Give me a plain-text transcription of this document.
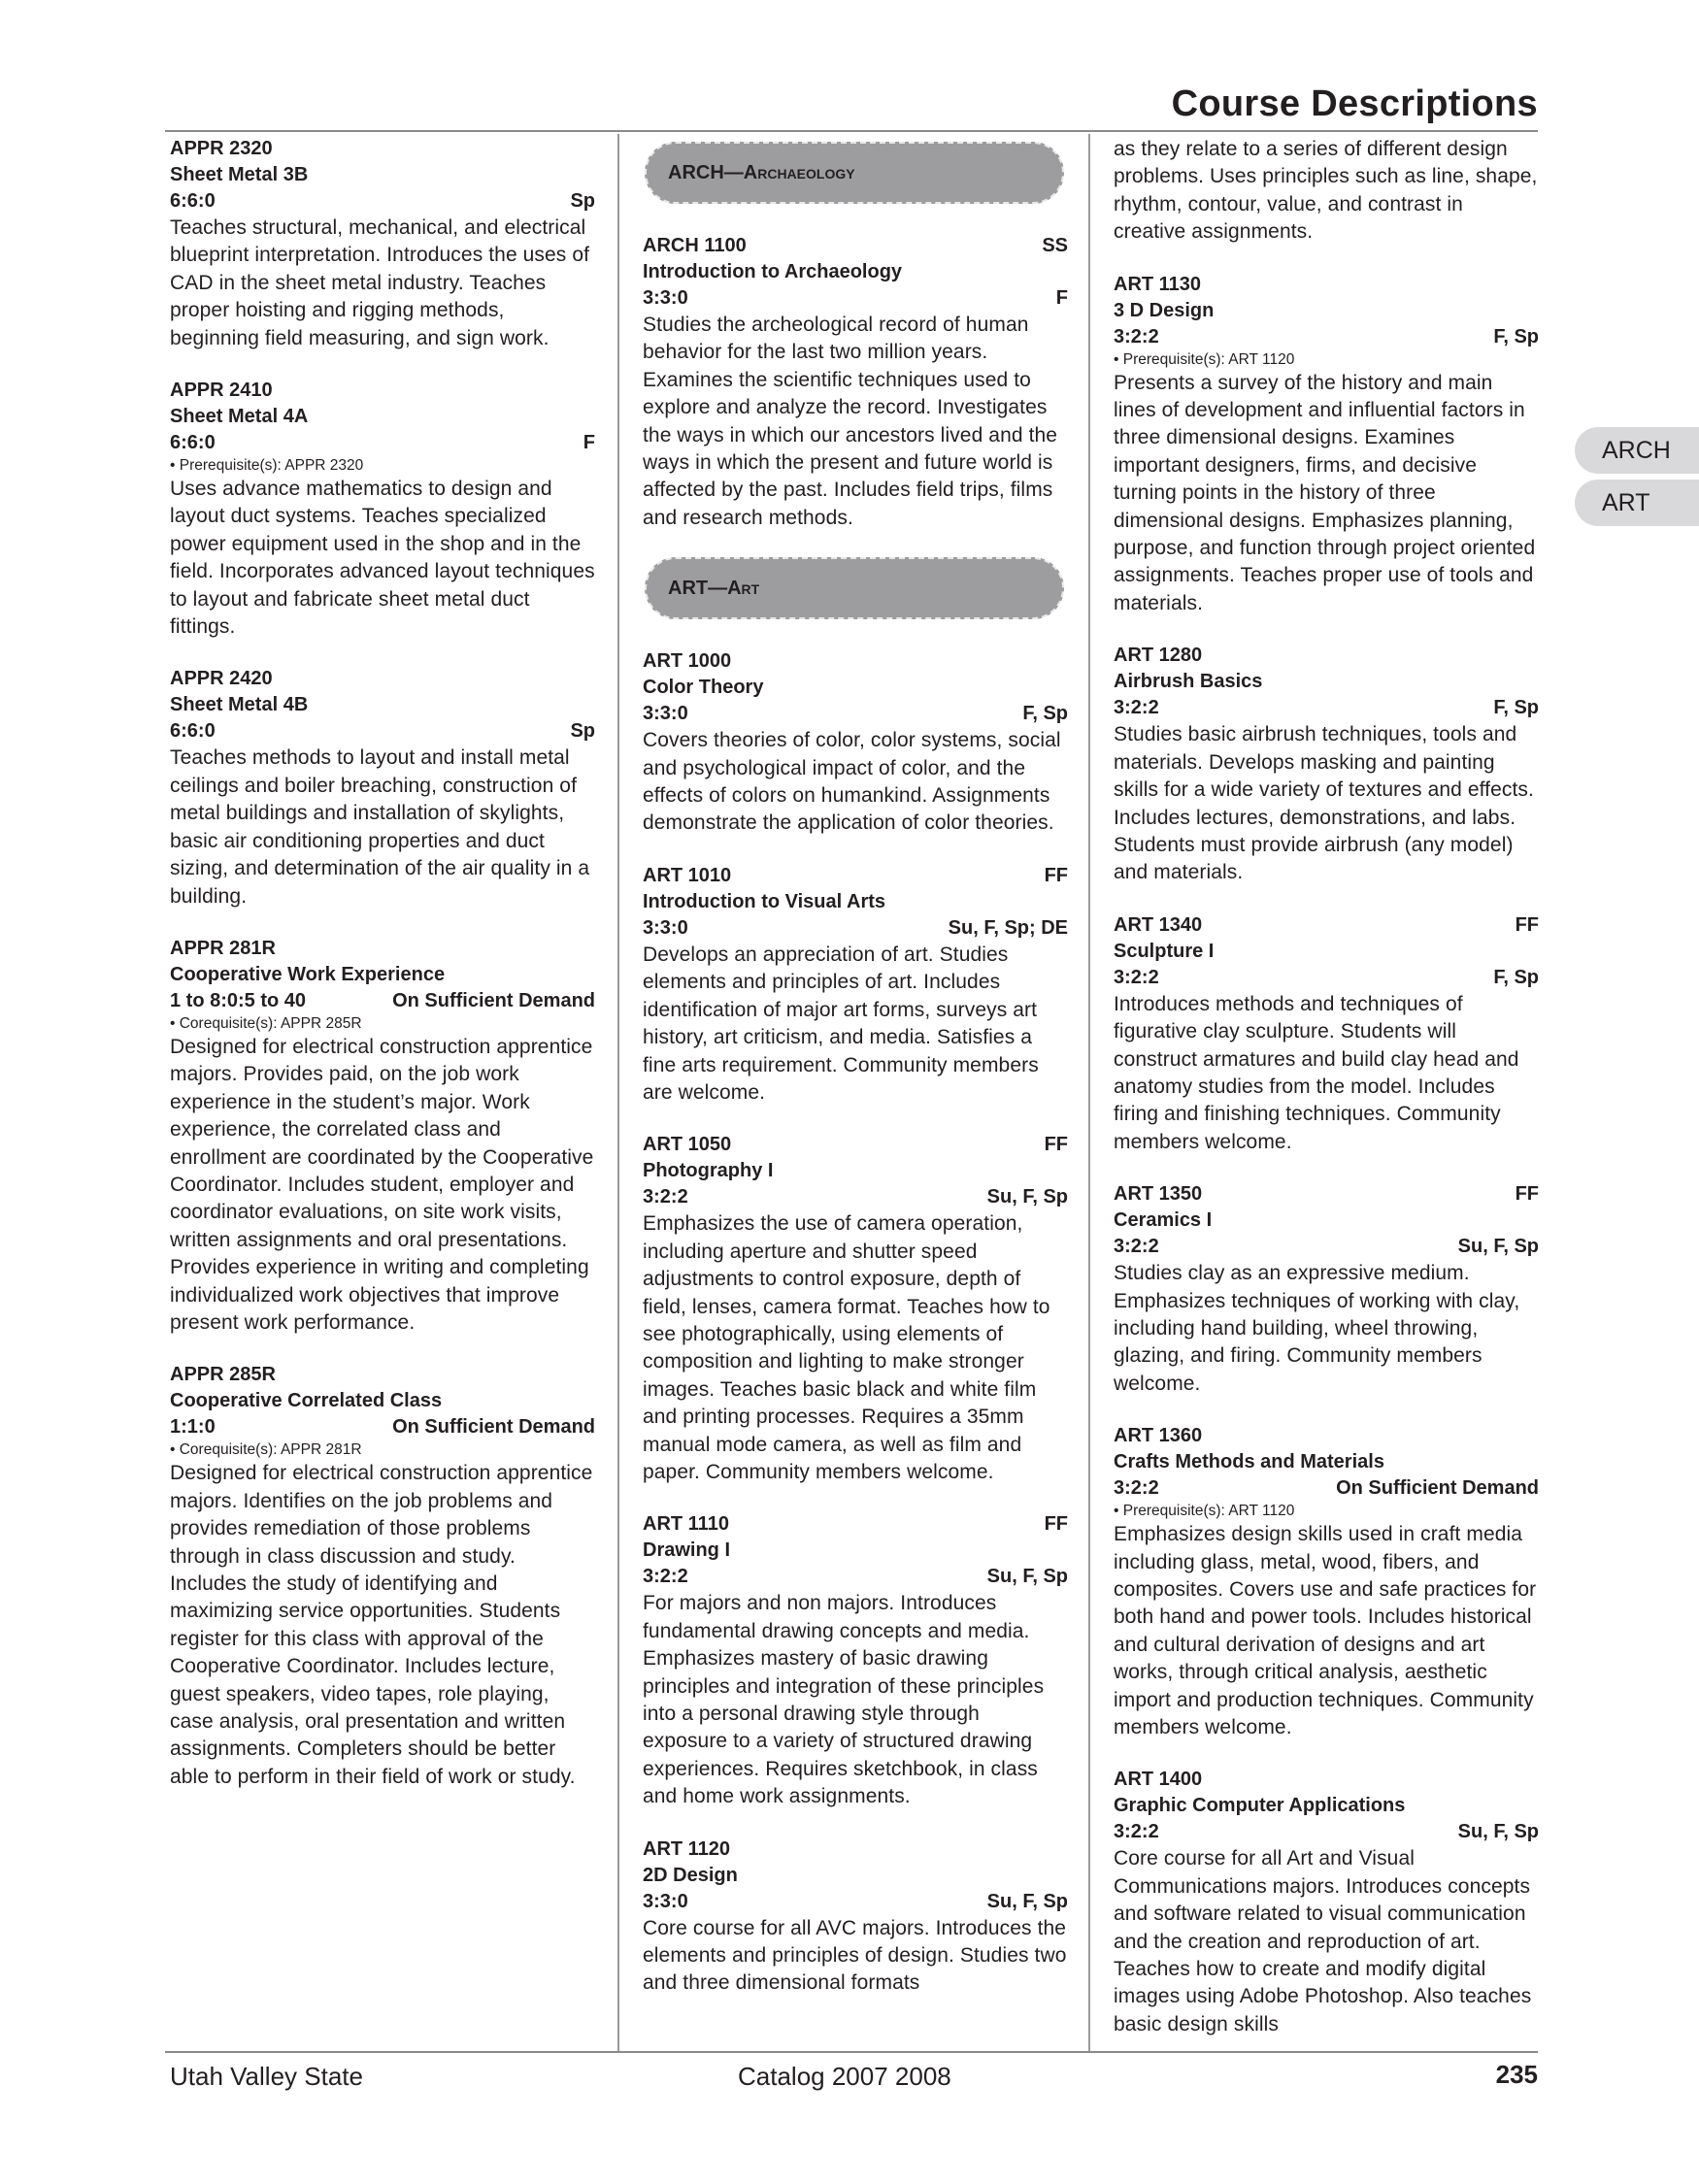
Course Descriptions
ARCH
ART
APPR 2320
Sheet Metal 3B
6:6:0	Sp
Teaches structural, mechanical, and electrical blueprint interpretation. Introduces the uses of CAD in the sheet metal industry. Teaches proper hoisting and rigging methods, beginning field measuring, and sign work.
APPR 2410
Sheet Metal 4A
6:6:0	F
• Prerequisite(s): APPR 2320
Uses advance mathematics to design and layout duct systems. Teaches specialized power equipment used in the shop and in the field. Incorporates advanced layout techniques to layout and fabricate sheet metal duct fittings.
APPR 2420
Sheet Metal 4B
6:6:0	Sp
Teaches methods to layout and install metal ceilings and boiler breaching, construction of metal buildings and installation of skylights, basic air conditioning properties and duct sizing, and determination of the air quality in a building.
APPR 281R
Cooperative Work Experience
1 to 8:0:5 to 40	On Sufficient Demand
• Corequisite(s): APPR 285R
Designed for electrical construction apprentice majors. Provides paid, on the job work experience in the student’s major. Work experience, the correlated class and enrollment are coordinated by the Cooperative Coordinator. Includes student, employer and coordinator evaluations, on site work visits, written assignments and oral presentations. Provides experience in writing and completing individualized work objectives that improve present work performance.
APPR 285R
Cooperative Correlated Class
1:1:0	On Sufficient Demand
• Corequisite(s): APPR 281R
Designed for electrical construction apprentice majors. Identifies on the job problems and provides remediation of those problems through in class discussion and study. Includes the study of identifying and maximizing service opportunities. Students register for this class with approval of the Cooperative Coordinator. Includes lecture, guest speakers, video tapes, role playing, case analysis, oral presentation and written assignments. Completers should be better able to perform in their field of work or study.
ARCH— Archaeology
ARCH 1100	SS
Introduction to Archaeology
3:3:0	F
Studies the archeological record of human behavior for the last two million years. Examines the scientific techniques used to explore and analyze the record. Investigates the ways in which our ancestors lived and the ways in which the present and future world is affected by the past. Includes field trips, films and research methods.
ART— Art
ART 1000
Color Theory
3:3:0	F, Sp
Covers theories of color, color systems, social and psychological impact of color, and the effects of colors on humankind. Assignments demonstrate the application of color theories.
ART 1010	FF
Introduction to Visual Arts
3:3:0	Su, F, Sp; DE
Develops an appreciation of art. Studies elements and principles of art. Includes identification of major art forms, surveys art history, art criticism, and media. Satisfies a fine arts requirement. Community members are welcome.
ART 1050	FF
Photography I
3:2:2	Su, F, Sp
Emphasizes the use of camera operation, including aperture and shutter speed adjustments to control exposure, depth of field, lenses, camera format. Teaches how to see photographically, using elements of composition and lighting to make stronger images. Teaches basic black and white film and printing processes. Requires a 35mm manual mode camera, as well as film and paper. Community members welcome.
ART 1110	FF
Drawing I
3:2:2	Su, F, Sp
For majors and non majors. Introduces fundamental drawing concepts and media. Emphasizes mastery of basic drawing principles and integration of these principles into a personal drawing style through exposure to a variety of structured drawing experiences. Requires sketchbook, in class and home work assignments.
ART 1120
2D Design
3:3:0	Su, F, Sp
Core course for all AVC majors. Introduces the elements and principles of design. Studies two and three dimensional formats
as they relate to a series of different design problems. Uses principles such as line, shape, rhythm, contour, value, and contrast in creative assignments.
ART 1130
3 D Design
3:2:2	F, Sp
• Prerequisite(s): ART 1120
Presents a survey of the history and main lines of development and influential factors in three dimensional designs. Examines important designers, firms, and decisive turning points in the history of three dimensional designs. Emphasizes planning, purpose, and function through project oriented assignments. Teaches proper use of tools and materials.
ART 1280
Airbrush Basics
3:2:2	F, Sp
Studies basic airbrush techniques, tools and materials. Develops masking and painting skills for a wide variety of textures and effects. Includes lectures, demonstrations, and labs. Students must provide airbrush (any model) and materials.
ART 1340	FF
Sculpture I
3:2:2	F, Sp
Introduces methods and techniques of figurative clay sculpture. Students will construct armatures and build clay head and anatomy studies from the model. Includes firing and finishing techniques. Community members welcome.
ART 1350	FF
Ceramics I
3:2:2	Su, F, Sp
Studies clay as an expressive medium. Emphasizes techniques of working with clay, including hand building, wheel throwing, glazing, and firing. Community members welcome.
ART 1360
Crafts Methods and Materials
3:2:2	On Sufficient Demand
• Prerequisite(s): ART 1120
Emphasizes design skills used in craft media including glass, metal, wood, fibers, and composites. Covers use and safe practices for both hand and power tools. Includes historical and cultural derivation of designs and art works, through critical analysis, aesthetic import and production techniques. Community members welcome.
ART 1400
Graphic Computer Applications
3:2:2	Su, F, Sp
Core course for all Art and Visual Communications majors. Introduces concepts and software related to visual communication and the creation and reproduction of art. Teaches how to create and modify digital images using Adobe Photoshop. Also teaches basic design skills
Utah Valley State	Catalog 2007 2008	235
